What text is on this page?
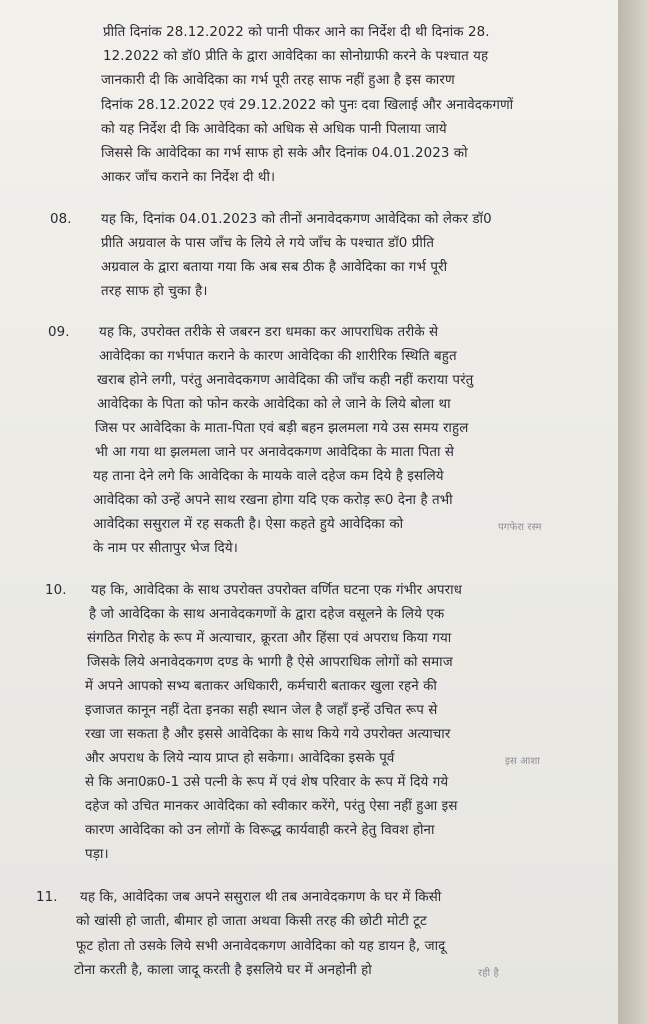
प्रीति दिनांक 28.12.2022 को पानी पीकर आने का निर्देश दी थी दिनांक 28.
12.2022 को डॉ0 प्रीति के द्वारा आवेदिका का सोनोग्राफी करने के पश्चात यह
जानकारी दी कि आवेदिका का गर्भ पूरी तरह साफ नहीं हुआ है इस कारण
दिनांक 28.12.2022 एवं 29.12.2022 को पुनः दवा खिलाई और अनावेदकगणों
को यह निर्देश दी कि आवेदिका को अधिक से अधिक पानी पिलाया जाये
जिससे कि आवेदिका का गर्भ साफ हो सके और दिनांक 04.01.2023 को
आकर जाँच कराने का निर्देश दी थी।
08. यह कि, दिनांक 04.01.2023 को तीनों अनावेदकगण आवेदिका को लेकर डॉ0
प्रीति अग्रवाल के पास जाँच के लिये ले गये जाँच के पश्चात डॉ0 प्रीति
अग्रवाल के द्वारा बताया गया कि अब सब ठीक है आवेदिका का गर्भ पूरी
तरह साफ हो चुका है।
09. यह कि, उपरोक्त तरीके से जबरन डरा धमका कर आपराधिक तरीके से
आवेदिका का गर्भपात कराने के कारण आवेदिका की शारीरिक स्थिति बहुत
खराब होने लगी, परंतु अनावेदकगण आवेदिका की जाँच कही नहीं कराया परंतु
आवेदिका के पिता को फोन करके आवेदिका को ले जाने के लिये बोला था
जिस पर आवेदिका के माता-पिता एवं बड़ी बहन झलमला गये उस समय राहुल
भी आ गया था झलमला जाने पर अनावेदकगण आवेदिका के माता पिता से
यह ताना देने लगे कि आवेदिका के मायके वाले दहेज कम दिये है इसलिये
आवेदिका को उन्हें अपने साथ रखना होगा यदि एक करोड़ रू0 देना है तभी
आवेदिका ससुराल में रह सकती है। ऐसा कहते हुये आवेदिका को	पगफेरा रस्म
के नाम पर सीतापुर भेज दिये।
10. यह कि, आवेदिका के साथ उपरोक्त उपरोक्त वर्णित घटना एक गंभीर अपराध
है जो आवेदिका के साथ अनावेदकगणों के द्वारा दहेज वसूलने के लिये एक
संगठित गिरोह के रूप में अत्याचार, क्रूरता और हिंसा एवं अपराध किया गया
जिसके लिये अनावेदकगण दण्ड के भागी है ऐसे आपराधिक लोगों को समाज
में अपने आपको सभ्य बताकर अधिकारी, कर्मचारी बताकर खुला रहने की
इजाजत कानून नहीं देता इनका सही स्थान जेल है जहाँ इन्हें उचित रूप से
रखा जा सकता है और इससे आवेदिका के साथ किये गये उपरोक्त अत्याचार
और अपराध के लिये न्याय प्राप्त हो सकेगा। आवेदिका इसके पूर्व	इस आशा
से कि अना0क्र0-1 उसे पत्नी के रूप में एवं शेष परिवार के रूप में दिये गये
दहेज को उचित मानकर आवेदिका को स्वीकार करेंगे, परंतु ऐसा नहीं हुआ इस
कारण आवेदिका को उन लोगों के विरूद्ध कार्यवाही करने हेतु विवश होना
पड़ा।
11. यह कि, आवेदिका जब अपने ससुराल थी तब अनावेदकगण के घर में किसी
को खांसी हो जाती, बीमार हो जाता अथवा किसी तरह की छोटी मोटी टूट
फूट होता तो उसके लिये सभी अनावेदकगण आवेदिका को यह डायन है, जादू
टोना करती है, काला जादू करती है इसलिये घर में अनहोनी हो	रही है
